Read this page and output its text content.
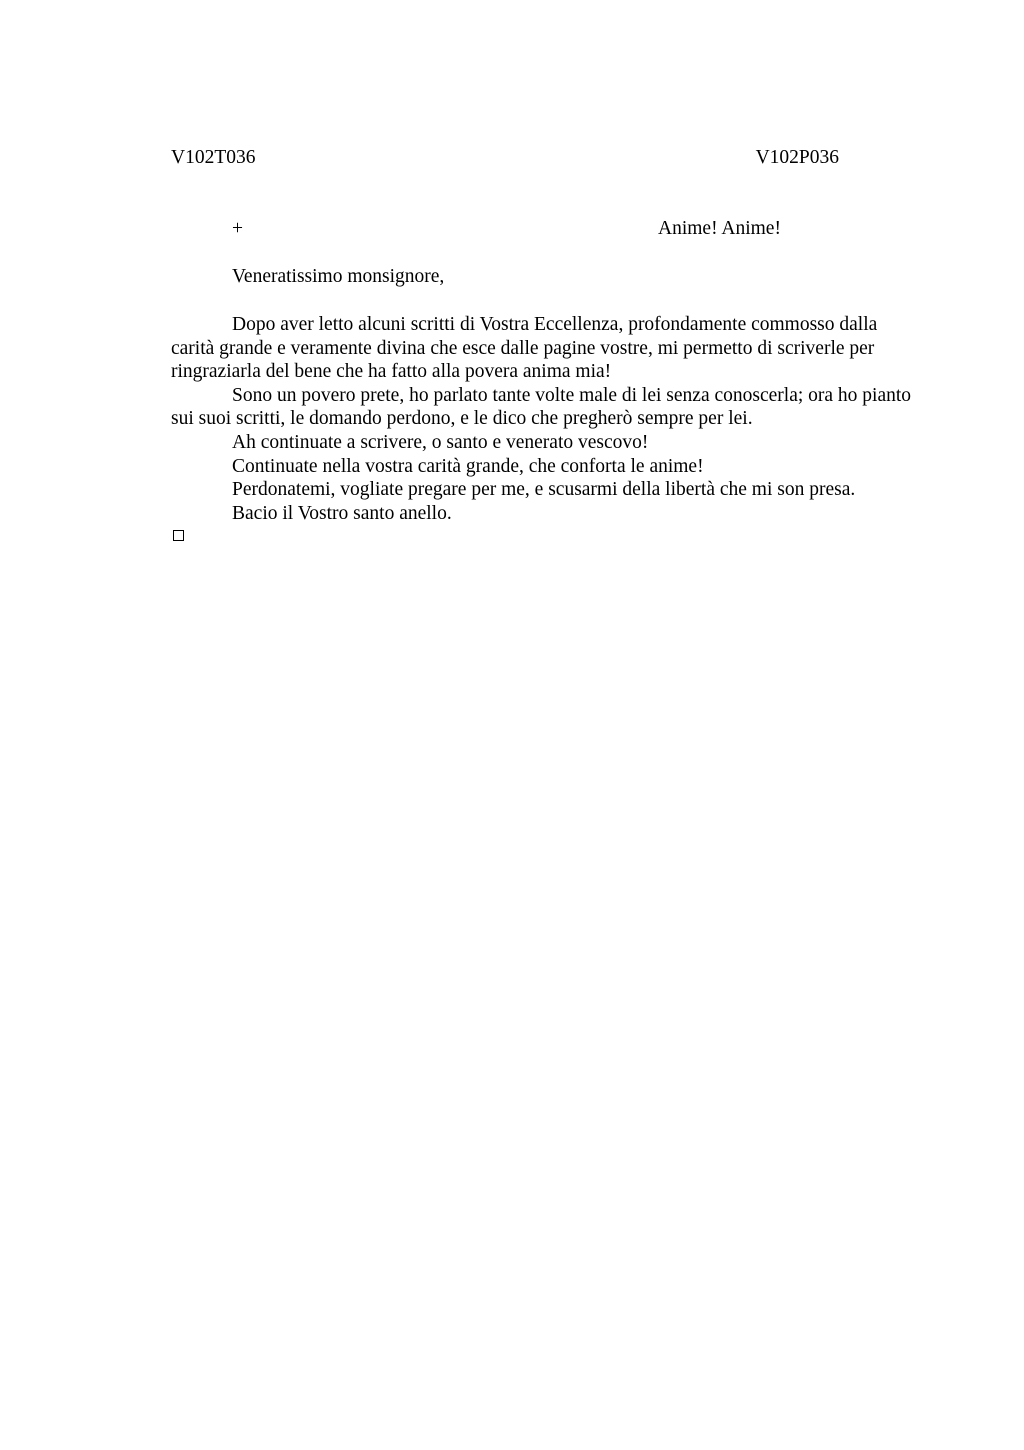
V102T036	V102P036
+	Anime! Anime!
Veneratissimo monsignore,

Dopo aver letto alcuni scritti di Vostra Eccellenza, profondamente commosso dalla carità grande e veramente divina che esce dalle pagine vostre, mi permetto di scriverle per ringraziarla del bene che ha fatto alla povera anima mia!

Sono un povero prete, ho parlato tante volte male di lei senza conoscerla; ora ho pianto sui suoi scritti, le domando perdono, e le dico che pregherò sempre per lei.

Ah continuate a scrivere, o santo e venerato vescovo!

Continuate nella vostra carità grande, che conforta le anime!

Perdonatemi, vogliate pregare per me, e scusarmi della libertà che mi son presa.

Bacio il Vostro santo anello.
